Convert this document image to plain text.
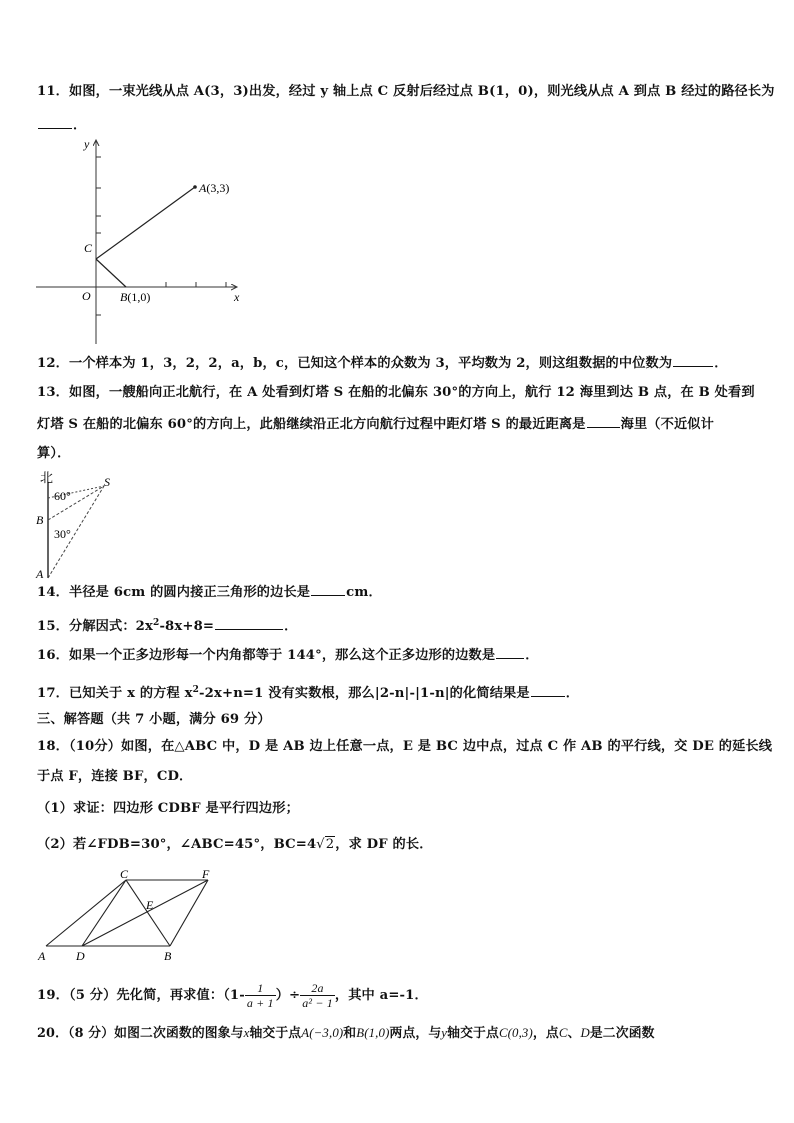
11．如图，一束光线从点 A(3，3)出发，经过 y 轴上点 C 反射后经过点 B(1，0)，则光线从点 A 到点 B 经过的路径长为
．
y
x
O
C
A(3,3)
B(1,0)
12．一个样本为 1，3，2，2，a，b，c，已知这个样本的众数为 3，平均数为 2，则这组数据的中位数为	．
13．如图，一艘船向正北航行，在 A 处看到灯塔 S 在船的北偏东 30°的方向上，航行 12 海里到达 B 点，在 B 处看到
灯塔 S 在船的北偏东 60°的方向上，此船继续沿正北方向航行过程中距灯塔 S 的最近距离是	海里（不近似计
算）．
北	S
60°
B
30°
A
14．半径是 6cm 的圆内接正三角形的边长是	cm．
15．分解因式：$2x^2-8x+8=$	．
16．如果一个正多边形每一个内角都等于 144°，那么这个正多边形的边数是 ．
17．已知关于 x 的方程 $x^2-2x+n=1$ 没有实数根，那么|2-n|-|1-n|的化简结果是	．
三、解答题（共 7 小题，满分 69 分）
18．（10分）如图，在△ABC 中，D 是 AB 边上任意一点，E 是 BC 边中点，过点 C 作 AB 的平行线，交 DE 的延长线
于点 F，连接 BF，CD．
（1）求证：四边形 CDBF 是平行四边形；
（2）若∠FDB=30°，∠ABC=45°，BC=4√2，求 DF 的长．
C	F
E
A	D	B
19．（5 分）先化简，再求值：（$1- \frac{1}{a + 1}$ ）÷ $\frac{2a}{\text{a² − 1}}$ ，其中 a=-1．
20．（8 分）如图二次函数的图象与x轴交于点A(−3,0)和B(1,0)两点，与y轴交于点C(0,3)，点C、D是二次函数
